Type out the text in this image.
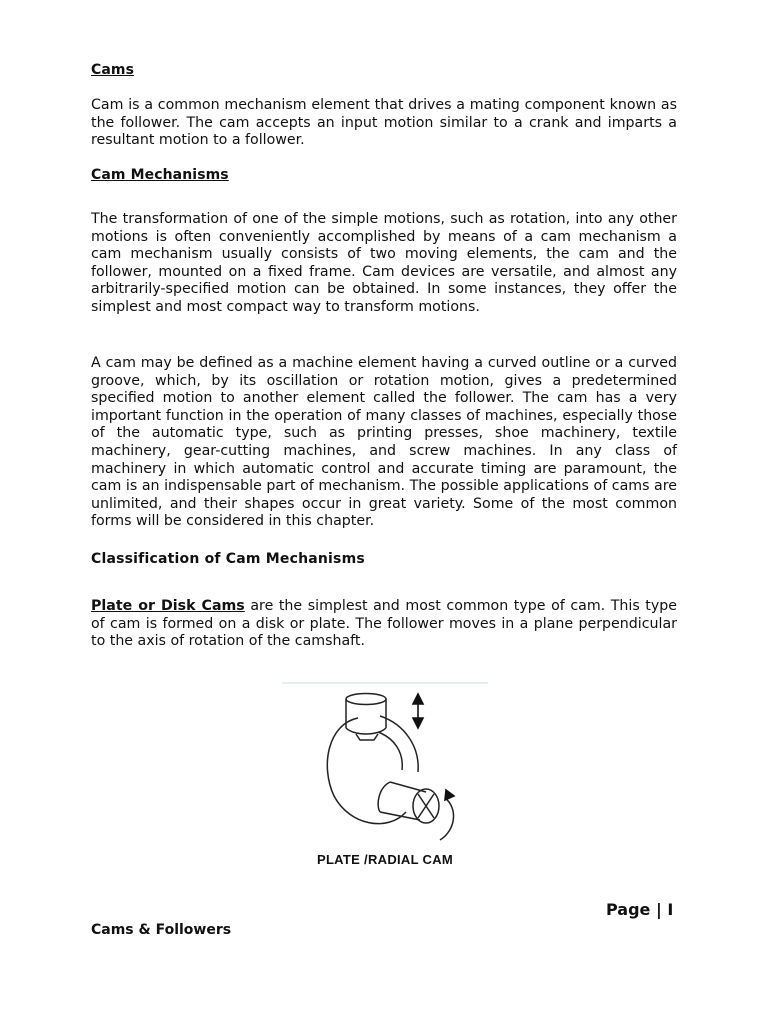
Cams
Cam is a common mechanism element that drives a mating component known as the follower. The cam accepts an input motion similar to a crank and imparts a resultant motion to a follower.
Cam Mechanisms
The transformation of one of the simple motions, such as rotation, into any other motions is often conveniently accomplished by means of a cam mechanism a cam mechanism usually consists of two moving elements, the cam and the follower, mounted on a fixed frame. Cam devices are versatile, and almost any arbitrarily-specified motion can be obtained. In some instances, they offer the simplest and most compact way to transform motions.
A cam may be defined as a machine element having a curved outline or a curved groove, which, by its oscillation or rotation motion, gives a predetermined specified motion to another element called the follower. The cam has a very important function in the operation of many classes of machines, especially those of the automatic type, such as printing presses, shoe machinery, textile machinery, gear-cutting machines, and screw machines. In any class of machinery in which automatic control and accurate timing are paramount, the cam is an indispensable part of mechanism. The possible applications of cams are unlimited, and their shapes occur in great variety. Some of the most common forms will be considered in this chapter.
Classification of Cam Mechanisms
Plate or Disk Cams are the simplest and most common type of cam. This type of cam is formed on a disk or plate. The follower moves in a plane perpendicular to the axis of rotation of the camshaft.
PLATE /RADIAL CAM
Page | I
Cams & Followers
